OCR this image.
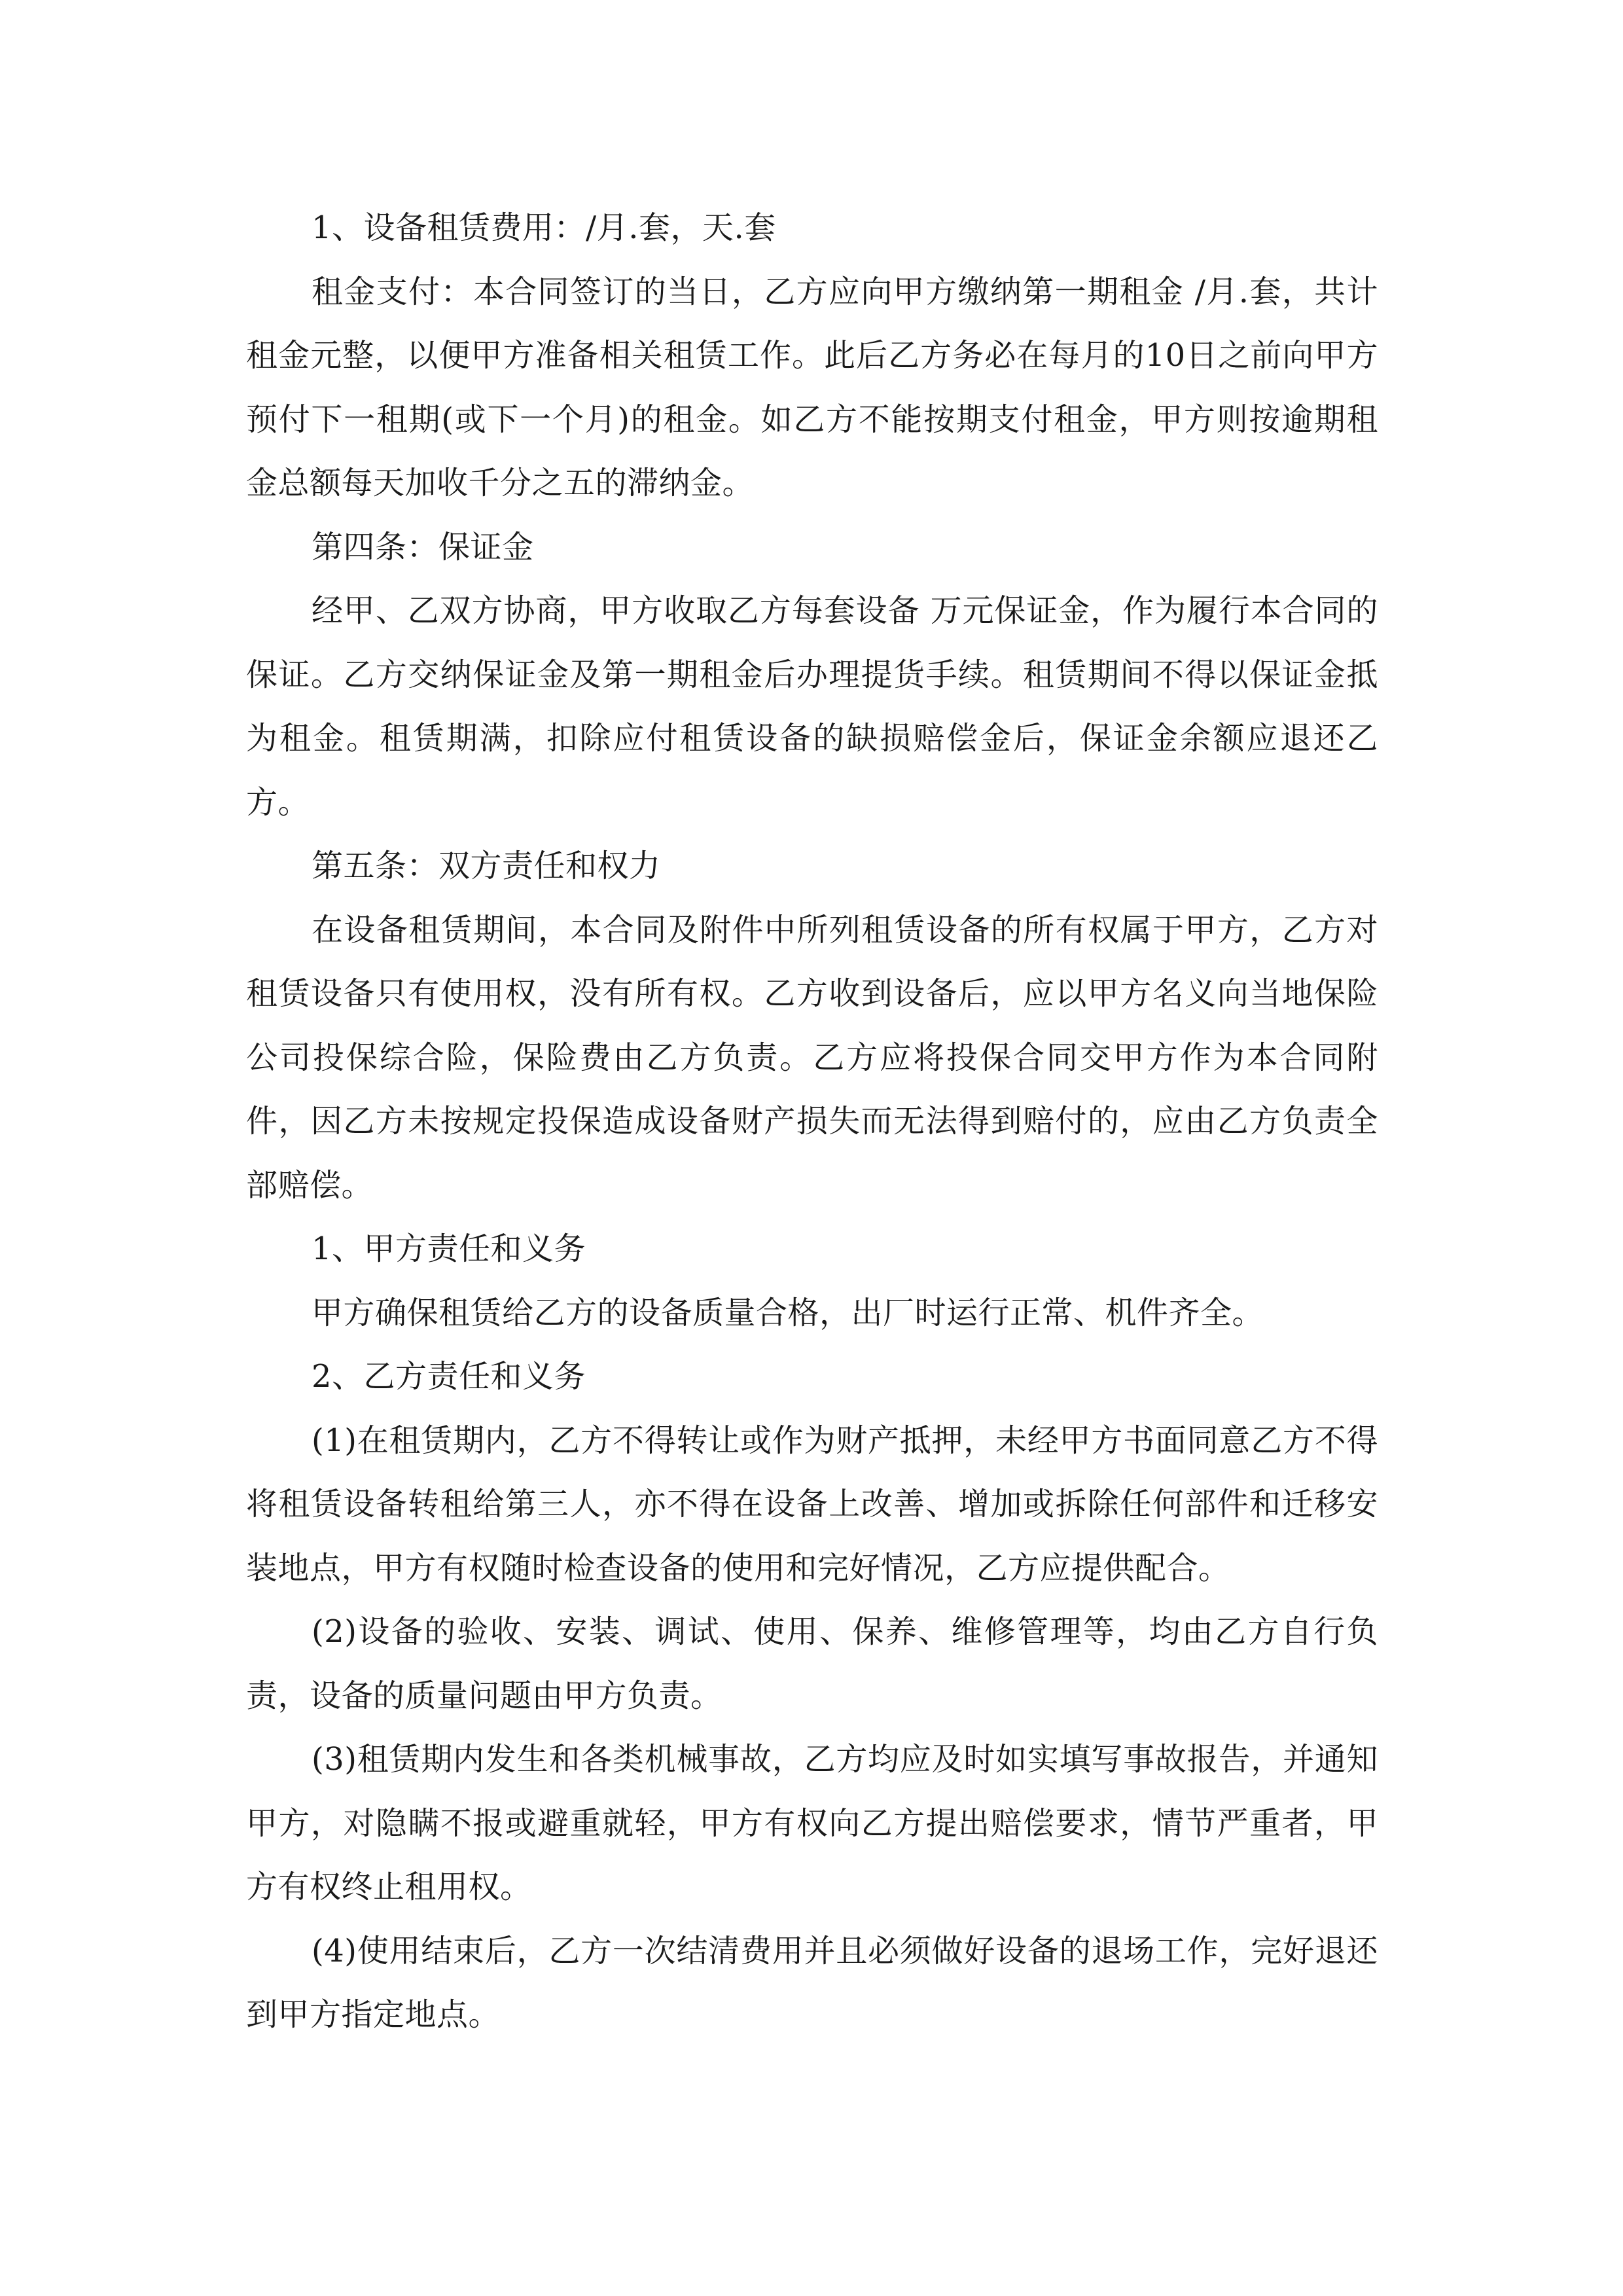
1、设备租赁费用：/月.套，天.套

租金支付：本合同签订的当日，乙方应向甲方缴纳第一期租金 /月.套，共计租金元整，以便甲方准备相关租赁工作。此后乙方务必在每月的10日之前向甲方预付下一租期(或下一个月)的租金。如乙方不能按期支付租金，甲方则按逾期租金总额每天加收千分之五的滞纳金。

第四条：保证金

经甲、乙双方协商，甲方收取乙方每套设备 万元保证金，作为履行本合同的保证。乙方交纳保证金及第一期租金后办理提货手续。租赁期间不得以保证金抵为租金。租赁期满，扣除应付租赁设备的缺损赔偿金后，保证金余额应退还乙方。

第五条：双方责任和权力

在设备租赁期间，本合同及附件中所列租赁设备的所有权属于甲方，乙方对租赁设备只有使用权，没有所有权。乙方收到设备后，应以甲方名义向当地保险公司投保综合险，保险费由乙方负责。乙方应将投保合同交甲方作为本合同附件，因乙方未按规定投保造成设备财产损失而无法得到赔付的，应由乙方负责全部赔偿。

1、甲方责任和义务

甲方确保租赁给乙方的设备质量合格，出厂时运行正常、机件齐全。

2、乙方责任和义务

(1)在租赁期内，乙方不得转让或作为财产抵押，未经甲方书面同意乙方不得将租赁设备转租给第三人，亦不得在设备上改善、增加或拆除任何部件和迁移安装地点，甲方有权随时检查设备的使用和完好情况，乙方应提供配合。

(2)设备的验收、安装、调试、使用、保养、维修管理等，均由乙方自行负责，设备的质量问题由甲方负责。

(3)租赁期内发生和各类机械事故，乙方均应及时如实填写事故报告，并通知甲方，对隐瞒不报或避重就轻，甲方有权向乙方提出赔偿要求，情节严重者，甲方有权终止租用权。

(4)使用结束后，乙方一次结清费用并且必须做好设备的退场工作，完好退还到甲方指定地点。
